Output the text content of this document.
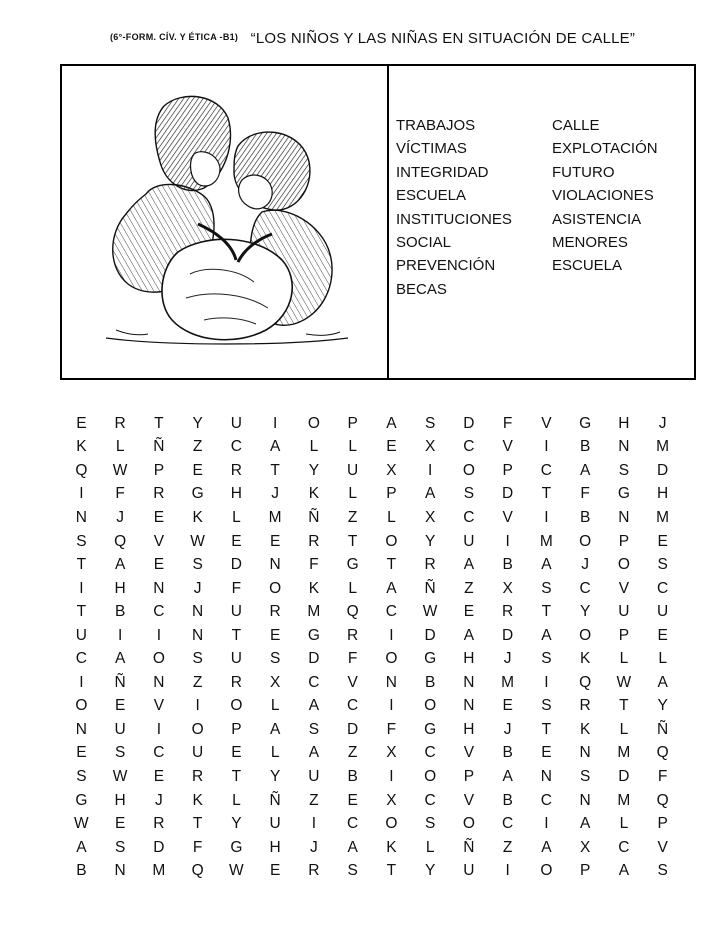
$^{(6^\circ-FORM. CÍV. Y ÉTICA -B1)}$ “LOS NIÑOS Y LAS NIÑAS EN SITUACIÓN DE CALLE”
TRABAJOS	CALLE
VÍCTIMAS	EXPLOTACIÓN
INTEGRIDAD	FUTURO
ESCUELA	VIOLACIONES
INSTITUCIONES	ASISTENCIA
SOCIAL	MENORES
PREVENCIÓN	ESCUELA
BECAS
E	R	T	Y	U	I	O	P	A	S	D	F	V	G	H	J
K	L	Ñ	Z	C	A	L	L	E	X	C	V	I	B	N	M
Q	W	P	E	R	T	Y	U	X	I	O	P	C	A	S	D
I	F	R	G	H	J	K	L	P	A	S	D	T	F	G	H
N	J	E	K	L	M	Ñ	Z	L	X	C	V	I	B	N	M
S	Q	V	W	E	E	R	T	O	Y	U	I	M	O	P	E
T	A	E	S	D	N	F	G	T	R	A	B	A	J	O	S
I	H	N	J	F	O	K	L	A	Ñ	Z	X	S	C	V	C
T	B	C	N	U	R	M	Q	C	W	E	R	T	Y	U	U
U	I	I	N	T	E	G	R	I	D	A	D	A	O	P	E
C	A	O	S	U	S	D	F	O	G	H	J	S	K	L	L
I	Ñ	N	Z	R	X	C	V	N	B	N	M	I	Q	W	A
O	E	V	I	O	L	A	C	I	O	N	E	S	R	T	Y
N	U	I	O	P	A	S	D	F	G	H	J	T	K	L	Ñ
E	S	C	U	E	L	A	Z	X	C	V	B	E	N	M	Q
S	W	E	R	T	Y	U	B	I	O	P	A	N	S	D	F
G	H	J	K	L	Ñ	Z	E	X	C	V	B	C	N	M	Q
W	E	R	T	Y	U	I	C	O	S	O	C	I	A	L	P
A	S	D	F	G	H	J	A	K	L	Ñ	Z	A	X	C	V
B	N	M	Q	W	E	R	S	T	Y	U	I	O	P	A	S
